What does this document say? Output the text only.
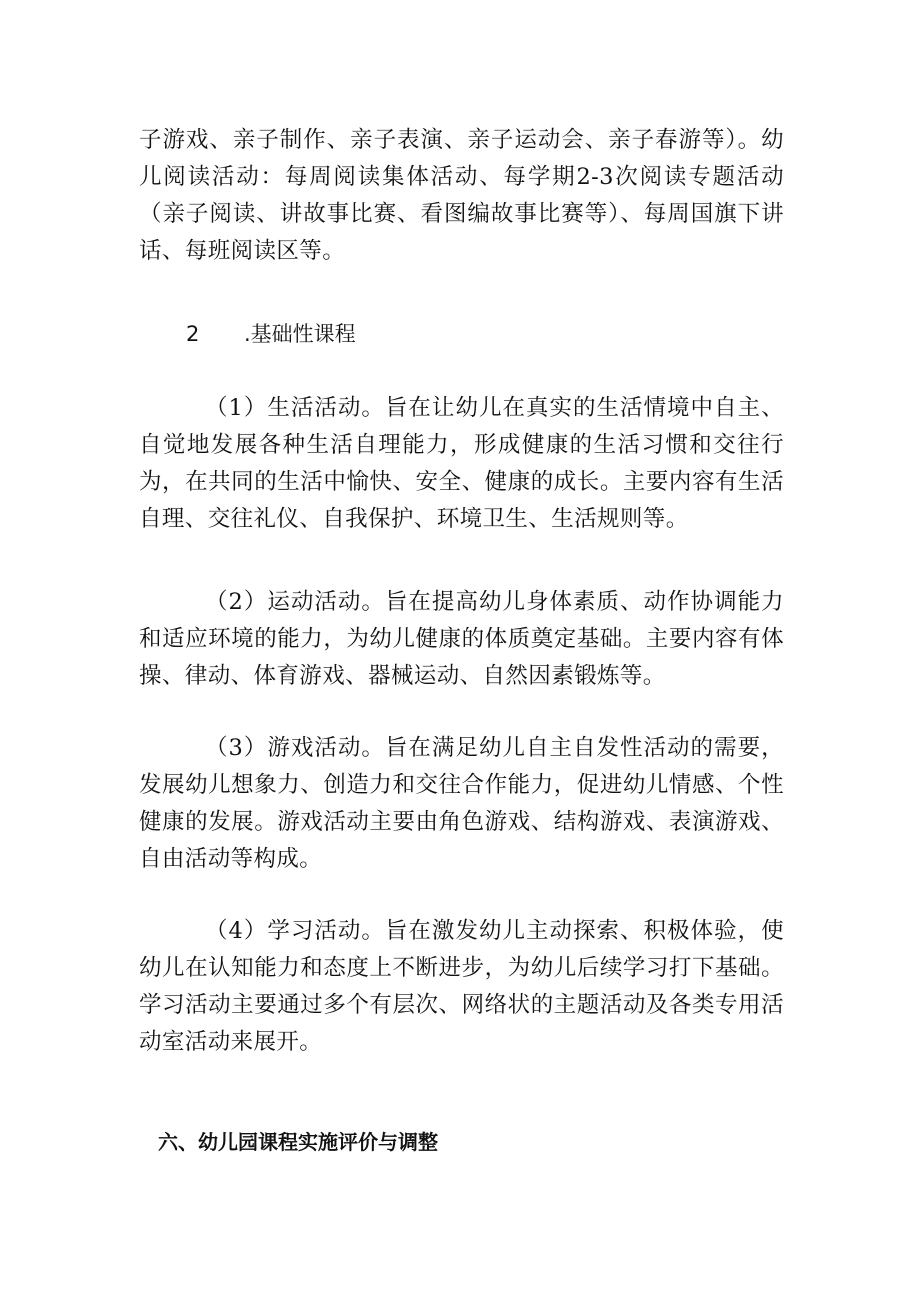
子游戏、亲子制作、亲子表演、亲子运动会、亲子春游等）。幼儿阅读活动：每周阅读集体活动、每学期2-3次阅读专题活动（亲子阅读、讲故事比赛、看图编故事比赛等）、每周国旗下讲话、每班阅读区等。

2 .基础性课程

（1）生活活动。旨在让幼儿在真实的生活情境中自主、自觉地发展各种生活自理能力，形成健康的生活习惯和交往行为，在共同的生活中愉快、安全、健康的成长。主要内容有生活自理、交往礼仪、自我保护、环境卫生、生活规则等。

（2）运动活动。旨在提高幼儿身体素质、动作协调能力和适应环境的能力，为幼儿健康的体质奠定基础。主要内容有体操、律动、体育游戏、器械运动、自然因素锻炼等。

（3）游戏活动。旨在满足幼儿自主自发性活动的需要，发展幼儿想象力、创造力和交往合作能力，促进幼儿情感、个性健康的发展。游戏活动主要由角色游戏、结构游戏、表演游戏、自由活动等构成。

（4）学习活动。旨在激发幼儿主动探索、积极体验，使幼儿在认知能力和态度上不断进步，为幼儿后续学习打下基础。学习活动主要通过多个有层次、网络状的主题活动及各类专用活动室活动来展开。

六、幼儿园课程实施评价与调整
